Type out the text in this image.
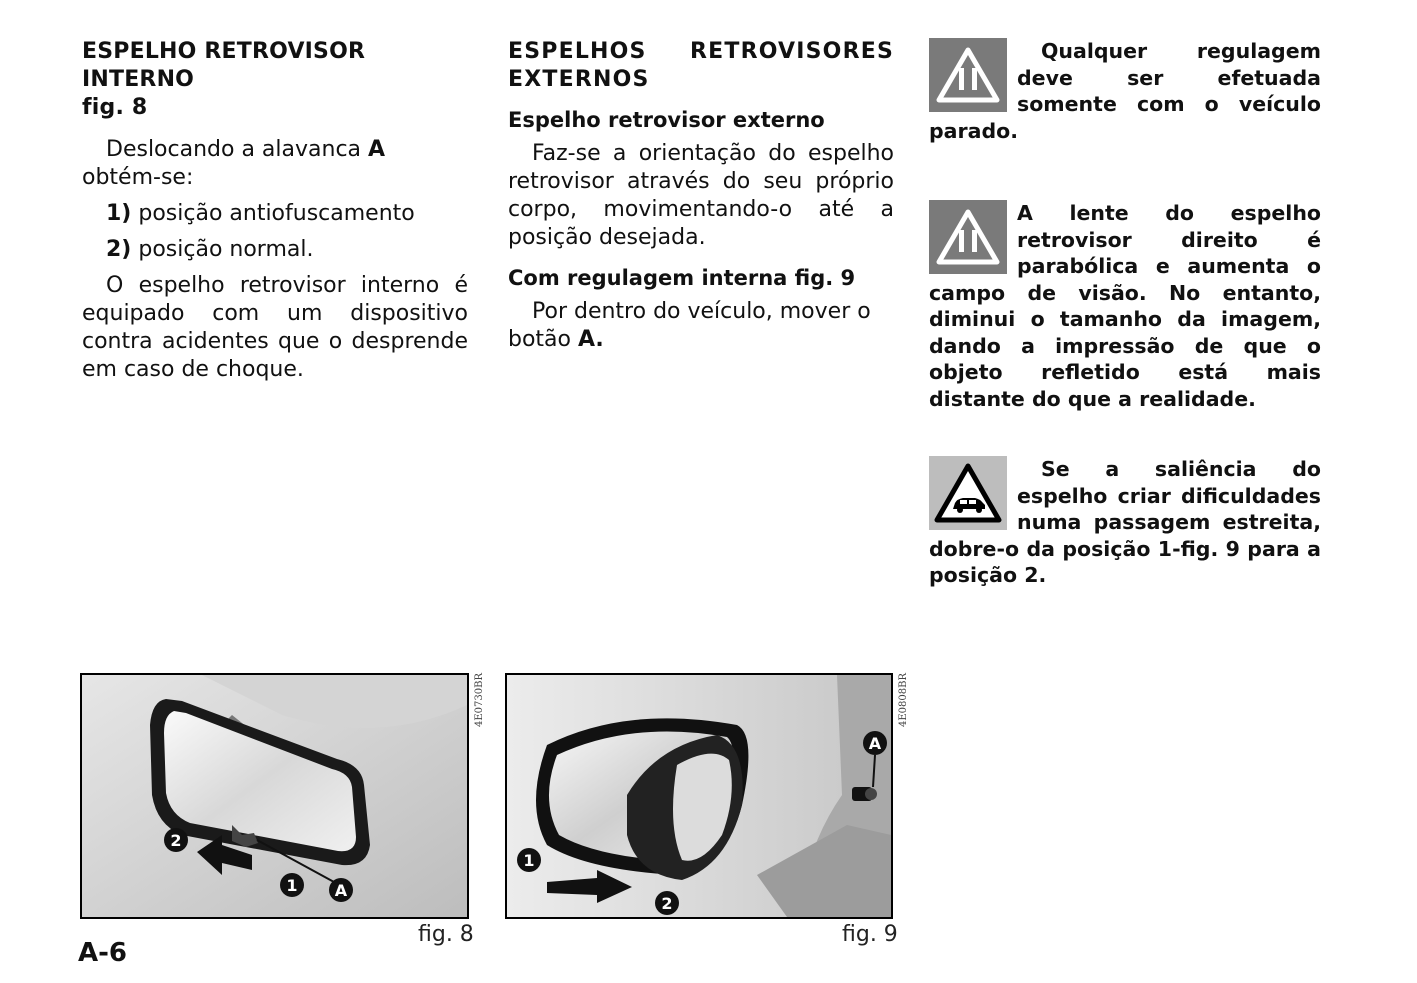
ESPELHO RETROVISOR INTERNO
fig. 8

Deslocando a alavanca A obtém-se:

1) posição antiofuscamento

2) posição normal.

O espelho retrovisor interno é equipado com um dispositivo contra acidentes que o desprende em caso de choque.

ESPELHOS RETROVISORES EXTERNOS

Espelho retrovisor externo

Faz-se a orientação do espelho retrovisor através do seu próprio corpo, movimentando-o até a posição desejada.

Com regulagem interna fig. 9

Por dentro do veículo, mover o botão A.

Qualquer regulagem deve ser efetuada somente com o veículo parado.

A lente do espelho retrovisor direito é parabólica e aumenta o campo de visão. No entanto, diminui o tamanho da imagem, dando a impressão de que o objeto refletido está mais distante do que a realidade.

Se a saliência do espelho criar dificuldades numa passagem estreita, dobre-o da posição 1-fig. 9 para a posição 2.

2
1 A
fig. 8
4E0730BR
1
2
A
fig. 9
4E0808BR
A-6
